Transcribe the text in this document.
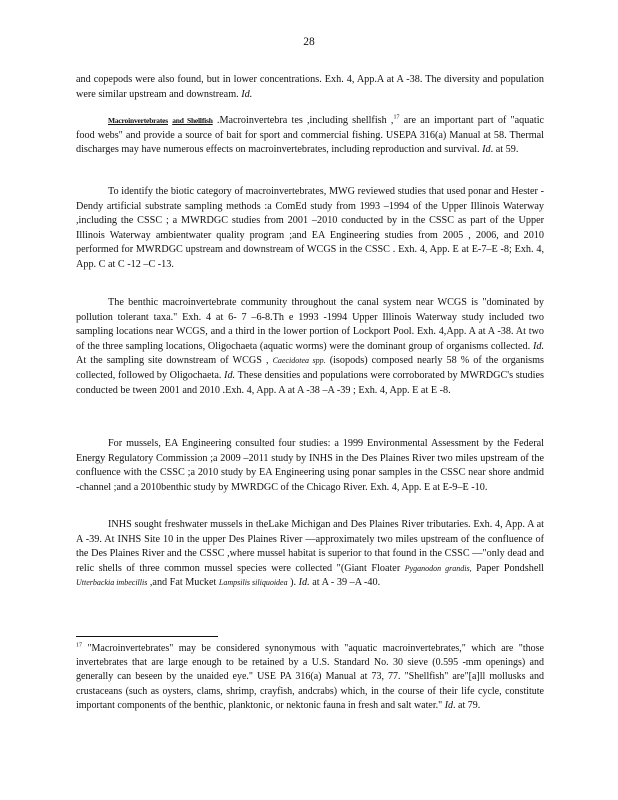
28
and copepods were also found, but in lower concentrations. Exh. 4, App.A at A -38. The diversity and population were similar upstream and downstream. Id.
Macroinvertebrates and Shellfish .Macroinvertebra tes ,including shellfish ,$^{17}$ are an important part of "aquatic food webs" and provide a source of bait for sport and commercial fishing. USEPA 316(a) Manual at 58. Thermal discharges may have numerous effects on macroinvertebrates, including reproduction and survival. Id. at 59.
To identify the biotic category of macroinvertebrates, MWG reviewed studies that used ponar and Hester -Dendy artificial substrate sampling methods :a ComEd study from 1993 –1994 of the Upper Illinois Waterway ,including the CSSC ; a MWRDGC studies from 2001 –2010 conducted by in the CSSC as part of the Upper Illinois Waterway ambientwater quality program ;and EA Engineering studies from 2005 , 2006, and 2010 performed for MWRDGC upstream and downstream of WCGS in the CSSC . Exh. 4, App. E at E-7–E -8; Exh. 4, App. C at C -12 –C -13.
The benthic macroinvertebrate community throughout the canal system near WCGS is "dominated by pollution tolerant taxa." Exh. 4 at 6- 7 –6-8.Th e 1993 -1994 Upper Illinois Waterway study included two sampling locations near WCGS, and a third in the lower portion of Lockport Pool. Exh. 4,App. A at A -38. At two of the three sampling locations, Oligochaeta (aquatic worms) were the dominant group of organisms collected. Id. At the sampling site downstream of WCGS , Caecidotea spp. (isopods) composed nearly 58 % of the organisms collected, followed by Oligochaeta. Id. These densities and populations were corroborated by MWRDGC's studies conducted be tween 2001 and 2010 .Exh. 4, App. A at A -38 –A -39 ; Exh. 4, App. E at E -8.
For mussels, EA Engineering consulted four studies: a 1999 Environmental Assessment by the Federal Energy Regulatory Commission ;a 2009 –2011 study by INHS in the Des Plaines River two miles upstream of the confluence with the CSSC ;a 2010 study by EA Engineering using ponar samples in the CSSC near shore andmid -channel ;and a 2010benthic study by MWRDGC of the Chicago River. Exh. 4, App. E at E-9–E -10.
INHS sought freshwater mussels in theLake Michigan and Des Plaines River tributaries. Exh. 4, App. A at A -39. At INHS Site 10 in the upper Des Plaines River —approximately two miles upstream of the confluence of the Des Plaines River and the CSSC ,where mussel habitat is superior to that found in the CSSC —"only dead and relic shells of three common mussel species were collected "(Giant Floater Pyganodon grandis, Paper Pondshell Utterbackia imbecillis ,and Fat Mucket Lampsilis siliquoidea ). Id. at A - 39 –A -40.
$^{17}$ "Macroinvertebrates" may be considered synonymous with "aquatic macroinvertebrates," which are "those invertebrates that are large enough to be retained by a U.S. Standard No. 30 sieve (0.595 -mm openings) and generally can beseen by the unaided eye." USE PA 316(a) Manual at 73, 77. "Shellfish" are"[a]ll mollusks and crustaceans (such as oysters, clams, shrimp, crayfish, andcrabs) which, in the course of their life cycle, constitute important components of the benthic, planktonic, or nektonic fauna in fresh and salt water." Id. at 79.
